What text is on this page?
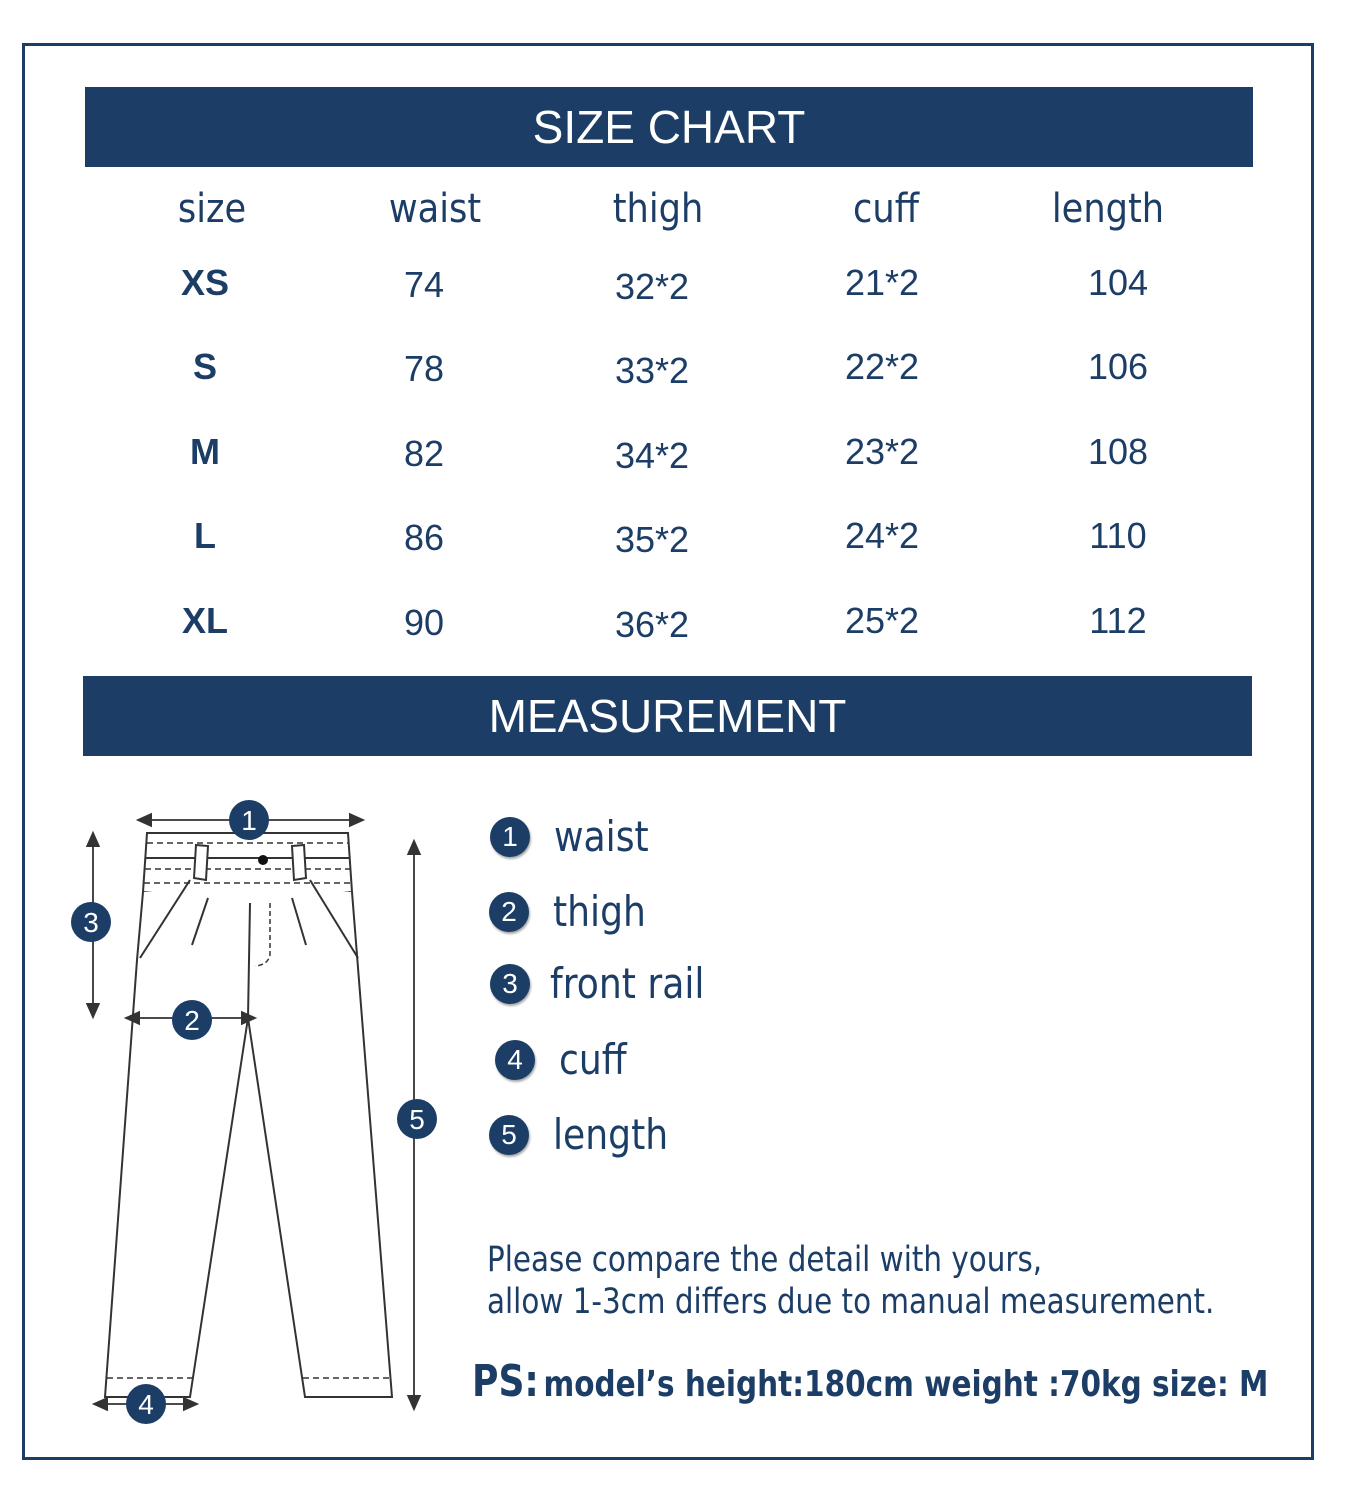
SIZE CHART
size	waist	thigh	cuff	length
XS	74	32*2	21*2	104
S	78	33*2	22*2	106
M	82	34*2	23*2	108
L	86	35*2	24*2	110
XL	90	36*2	25*2	112
MEASUREMENT
1
3
2
5
4
1 waist
2 thigh
3 front rail
4 cuff
5 length
Please compare the detail with yours,
allow 1-3cm differs due to manual measurement.
PS: model’s height:180cm weight :70kg size: M
